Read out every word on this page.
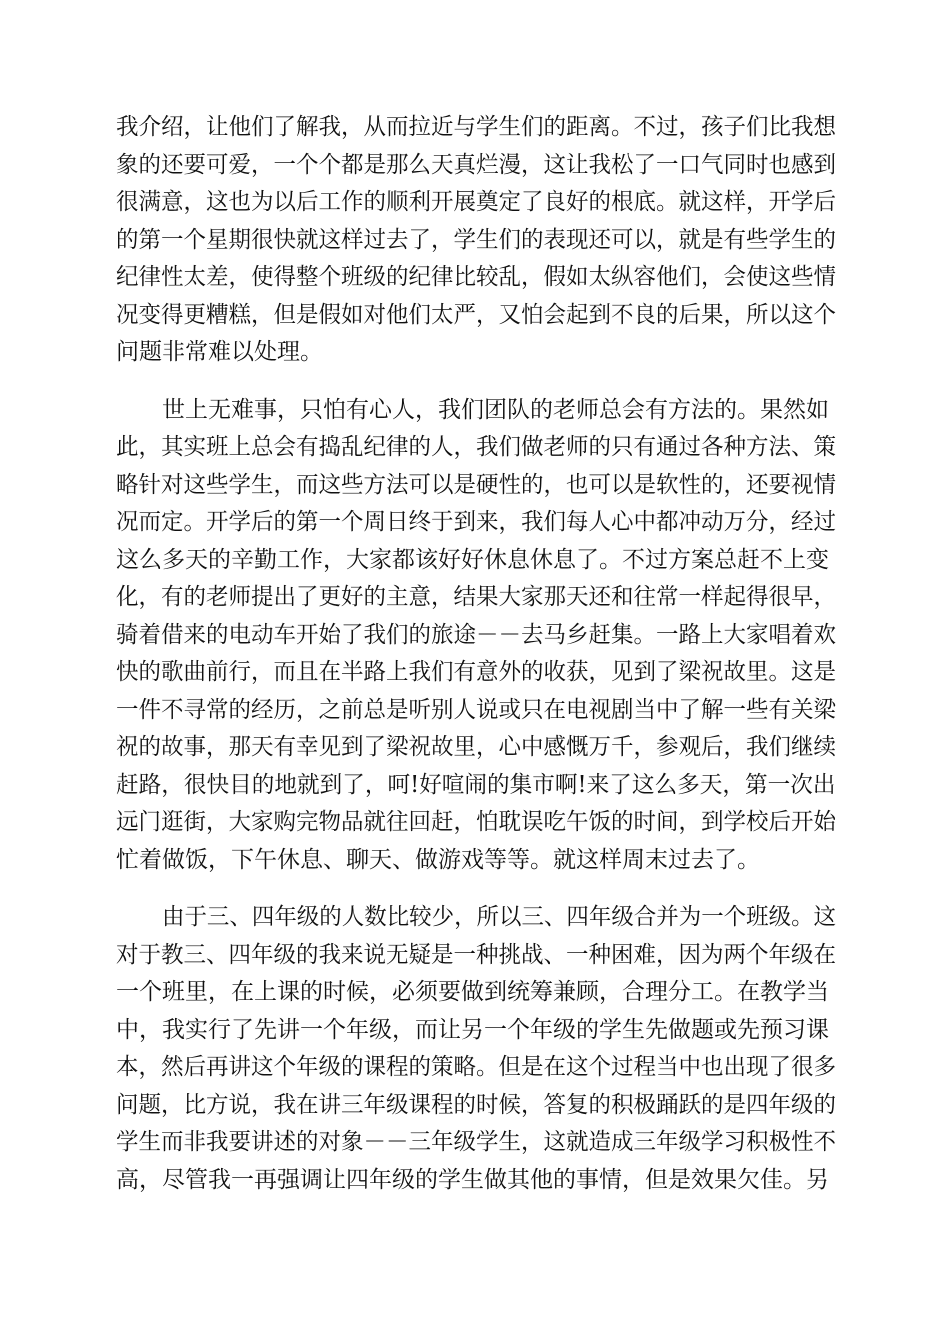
我介绍，让他们了解我，从而拉近与学生们的距离。不过，孩子们比我想
象的还要可爱，一个个都是那么天真烂漫，这让我松了一口气同时也感到
很满意，这也为以后工作的顺利开展奠定了良好的根底。就这样，开学后
的第一个星期很快就这样过去了，学生们的表现还可以，就是有些学生的
纪律性太差，使得整个班级的纪律比较乱，假如太纵容他们，会使这些情
况变得更糟糕，但是假如对他们太严，又怕会起到不良的后果，所以这个
问题非常难以处理。
世上无难事，只怕有心人，我们团队的老师总会有方法的。果然如
此，其实班上总会有捣乱纪律的人，我们做老师的只有通过各种方法、策
略针对这些学生，而这些方法可以是硬性的，也可以是软性的，还要视情
况而定。开学后的第一个周日终于到来，我们每人心中都冲动万分，经过
这么多天的辛勤工作，大家都该好好休息休息了。不过方案总赶不上变
化，有的老师提出了更好的主意，结果大家那天还和往常一样起得很早，
骑着借来的电动车开始了我们的旅途－－去马乡赶集。一路上大家唱着欢
快的歌曲前行，而且在半路上我们有意外的收获，见到了梁祝故里。这是
一件不寻常的经历，之前总是听别人说或只在电视剧当中了解一些有关梁
祝的故事，那天有幸见到了梁祝故里，心中感慨万千，参观后，我们继续
赶路，很快目的地就到了，呵!好喧闹的集市啊!来了这么多天，第一次出
远门逛街，大家购完物品就往回赶，怕耽误吃午饭的时间，到学校后开始
忙着做饭，下午休息、聊天、做游戏等等。就这样周末过去了。
由于三、四年级的人数比较少，所以三、四年级合并为一个班级。这
对于教三、四年级的我来说无疑是一种挑战、一种困难，因为两个年级在
一个班里，在上课的时候，必须要做到统筹兼顾，合理分工。在教学当
中，我实行了先讲一个年级，而让另一个年级的学生先做题或先预习课
本，然后再讲这个年级的课程的策略。但是在这个过程当中也出现了很多
问题，比方说，我在讲三年级课程的时候，答复的积极踊跃的是四年级的
学生而非我要讲述的对象－－三年级学生，这就造成三年级学习积极性不
高，尽管我一再强调让四年级的学生做其他的事情，但是效果欠佳。另
